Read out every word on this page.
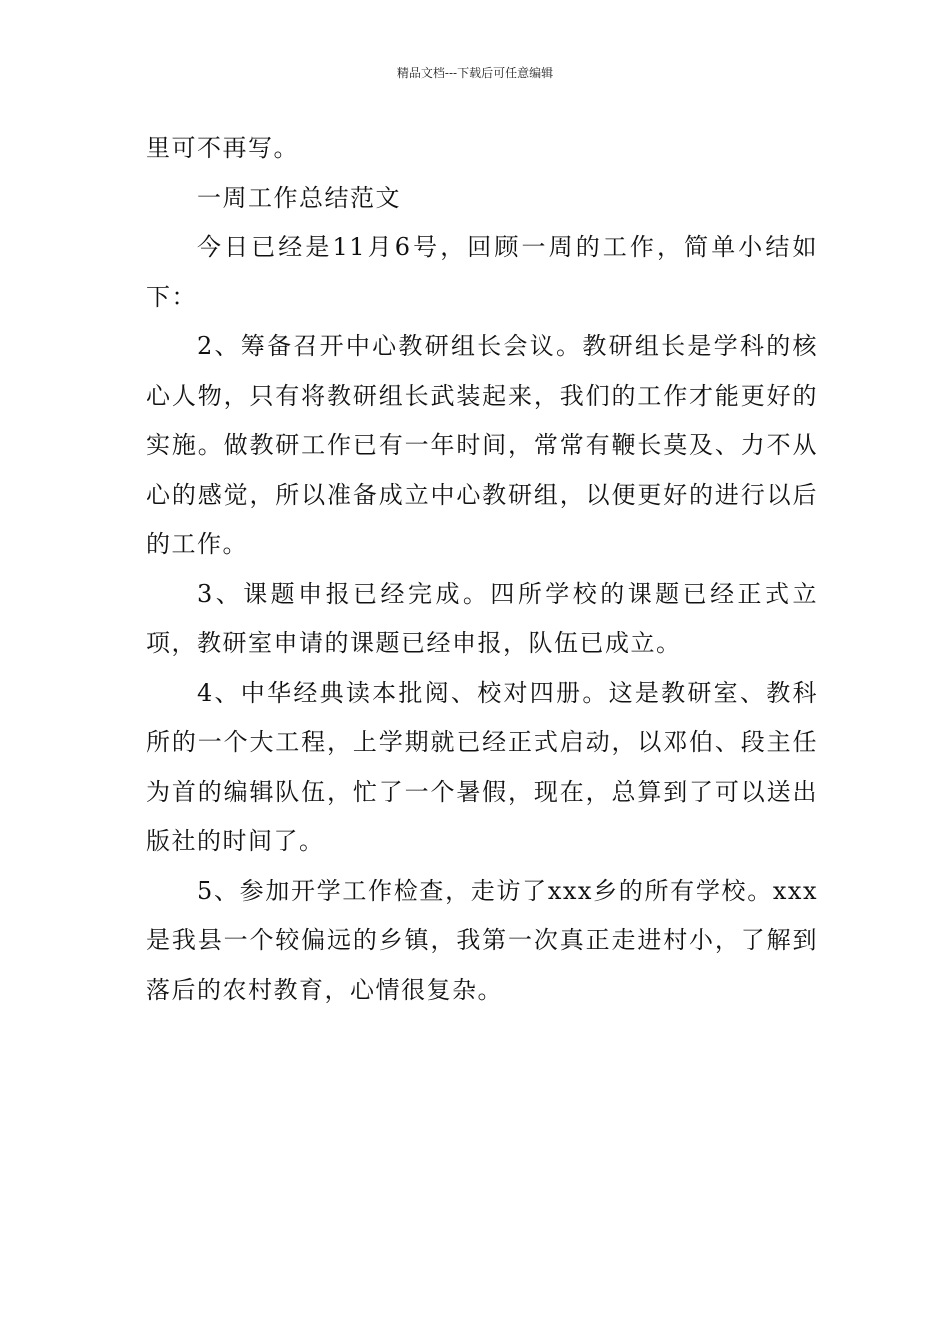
精品文档---下载后可任意编辑

里可不再写。

一周工作总结范文

今日已经是11月6号，回顾一周的工作，简单小结如下：

2、筹备召开中心教研组长会议。教研组长是学科的核心人物，只有将教研组长武装起来，我们的工作才能更好的实施。做教研工作已有一年时间，常常有鞭长莫及、力不从心的感觉，所以准备成立中心教研组，以便更好的进行以后的工作。

3、课题申报已经完成。四所学校的课题已经正式立项，教研室申请的课题已经申报，队伍已成立。

4、中华经典读本批阅、校对四册。这是教研室、教科所的一个大工程，上学期就已经正式启动，以邓伯、段主任为首的编辑队伍，忙了一个暑假，现在，总算到了可以送出版社的时间了。

5、参加开学工作检查，走访了xxx乡的所有学校。xxx是我县一个较偏远的乡镇，我第一次真正走进村小，了解到落后的农村教育，心情很复杂。
